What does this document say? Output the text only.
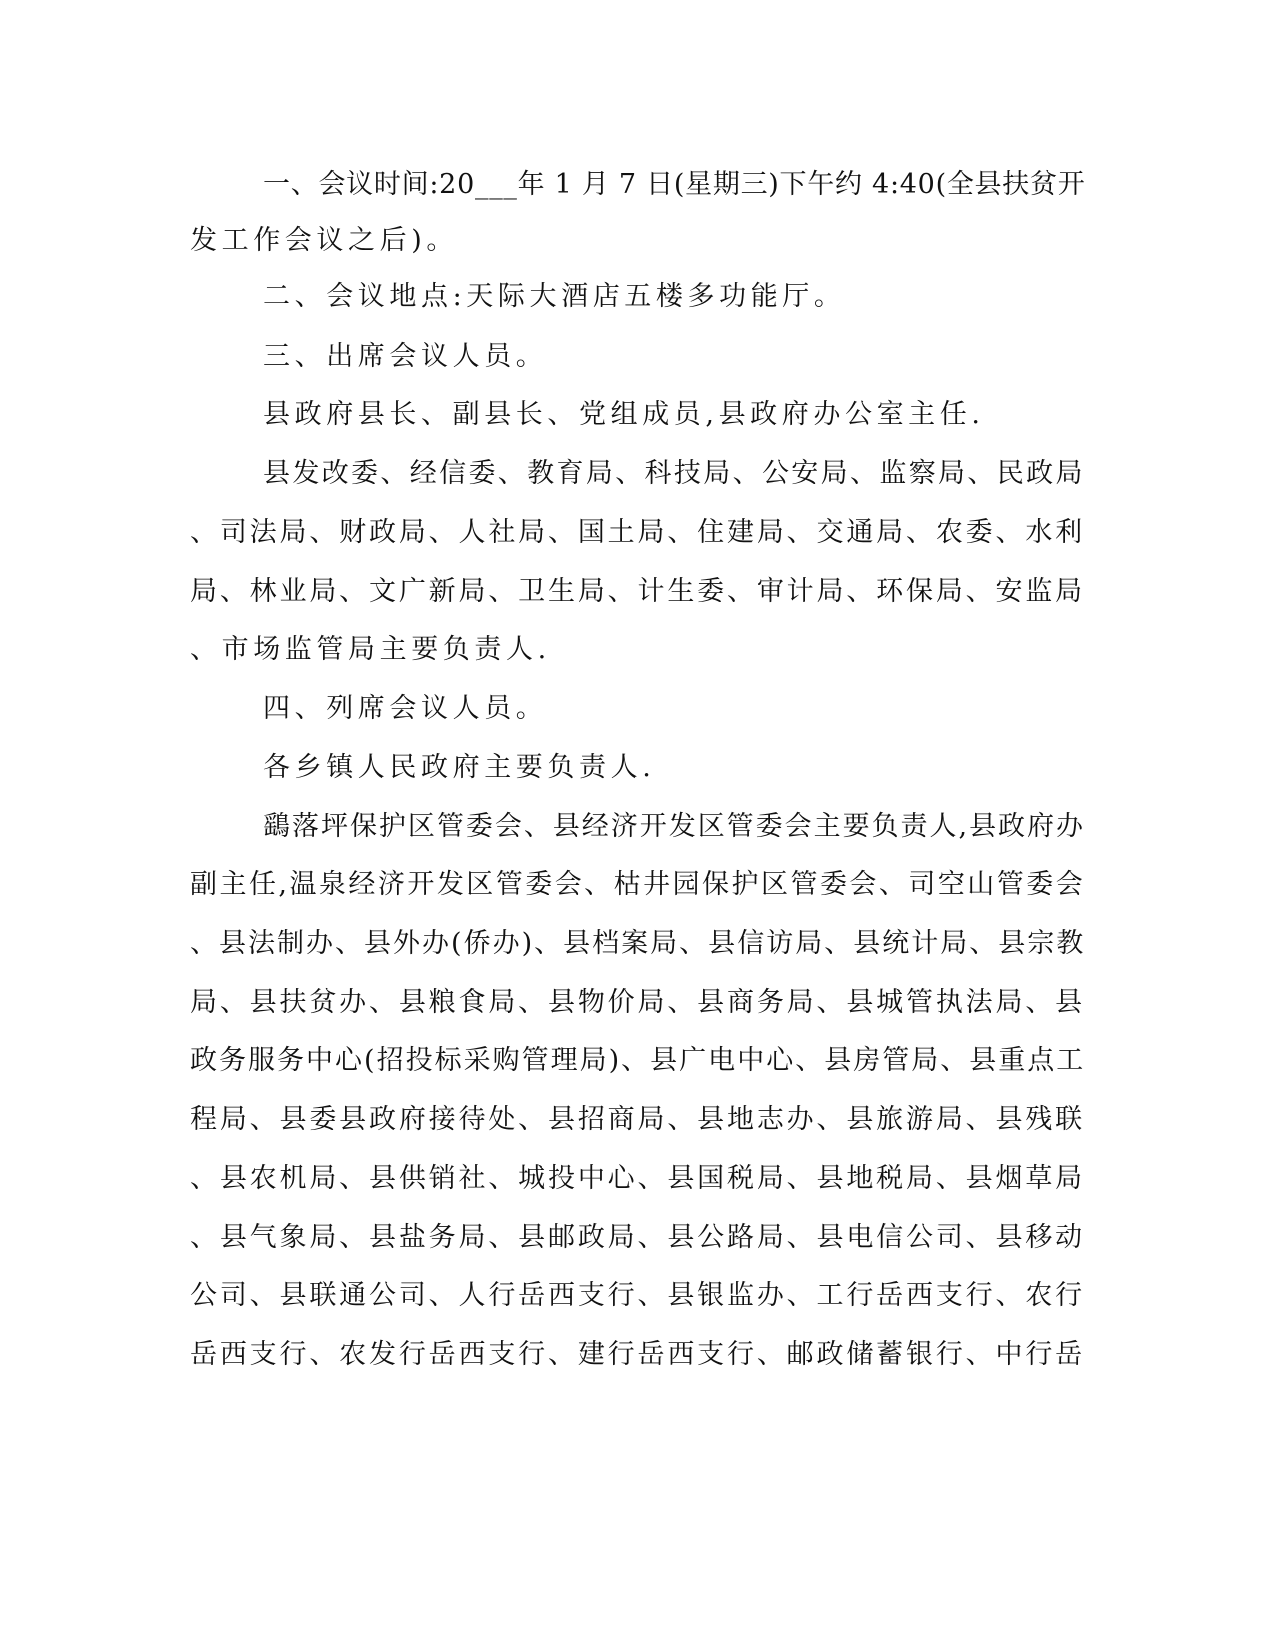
一、会议时间:20___年 1 月 7 日(星期三)下午约 4:40(全县扶贫开
发工作会议之后)。
二、会议地点:天际大酒店五楼多功能厅。
三、出席会议人员。
县政府县长、副县长、党组成员,县政府办公室主任.
县发改委、经信委、教育局、科技局、公安局、监察局、民政局
、司法局、财政局、人社局、国土局、住建局、交通局、农委、水利
局、林业局、文广新局、卫生局、计生委、审计局、环保局、安监局
、市场监管局主要负责人.
四、列席会议人员。
各乡镇人民政府主要负责人.
鷂落坪保护区管委会、县经济开发区管委会主要负责人,县政府办
副主任,温泉经济开发区管委会、枯井园保护区管委会、司空山管委会
、县法制办、县外办(侨办)、县档案局、县信访局、县统计局、县宗教
局、县扶贫办、县粮食局、县物价局、县商务局、县城管执法局、县
政务服务中心(招投标采购管理局)、县广电中心、县房管局、县重点工
程局、县委县政府接待处、县招商局、县地志办、县旅游局、县残联
、县农机局、县供销社、城投中心、县国税局、县地税局、县烟草局
、县气象局、县盐务局、县邮政局、县公路局、县电信公司、县移动
公司、县联通公司、人行岳西支行、县银监办、工行岳西支行、农行
岳西支行、农发行岳西支行、建行岳西支行、邮政储蓄银行、中行岳
